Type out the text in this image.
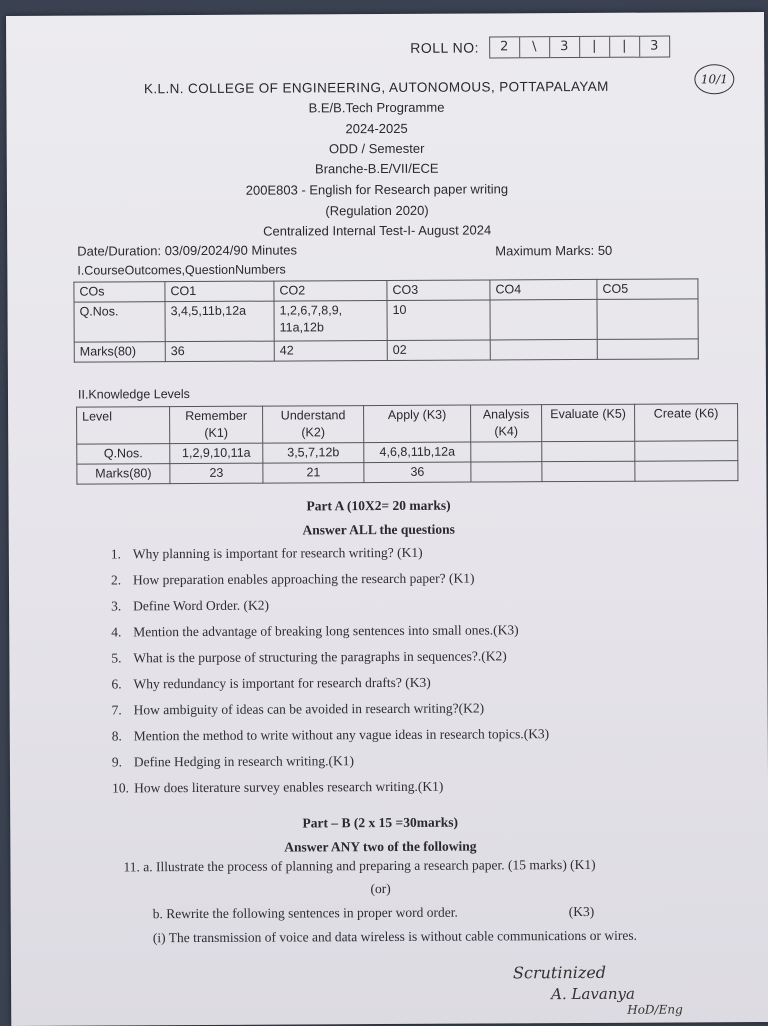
ROLL NO:	2	\	3	|	|	3
10/1
K.L.N. COLLEGE OF ENGINEERING, AUTONOMOUS, POTTAPALAYAM
B.E/B.Tech Programme
2024-2025
ODD / Semester
Branche-B.E/VII/ECE
200E803 - English for Research paper writing
(Regulation 2020)
Centralized Internal Test-I- August 2024
Date/Duration: 03/09/2024/90 Minutes	Maximum Marks: 50
I.CourseOutcomes,QuestionNumbers
COs	CO1	CO2	CO3	CO4	CO5
Q.Nos.	3,4,5,11b,12a	1,2,6,7,8,9, 11a,12b	10		
Marks(80)	36	42	02		
II.Knowledge Levels
Level	Remember (K1)	Understand (K2)	Apply (K3)	Analysis (K4)	Evaluate (K5)	Create (K6)
Q.Nos.	1,2,9,10,11a	3,5,7,12b	4,6,8,11b,12a			
Marks(80)	23	21	36			
Part A (10X2= 20 marks)
Answer ALL the questions
1. Why planning is important for research writing? (K1)
2. How preparation enables approaching the research paper? (K1)
3. Define Word Order. (K2)
4. Mention the advantage of breaking long sentences into small ones.(K3)
5. What is the purpose of structuring the paragraphs in sequences?.(K2)
6. Why redundancy is important for research drafts? (K3)
7. How ambiguity of ideas can be avoided in research writing?(K2)
8. Mention the method to write without any vague ideas in research topics.(K3)
9. Define Hedging in research writing.(K1)
10. How does literature survey enables research writing.(K1)
Part – B (2 x 15 =30marks)
Answer ANY two of the following
11. a. Illustrate the process of planning and preparing a research paper. (15 marks) (K1)
(or)
b. Rewrite the following sentences in proper word order.	(K3)
(i) The transmission of voice and data wireless is without cable communications or wires.
Scrutinized
A. Lavanya
HoD/Eng
